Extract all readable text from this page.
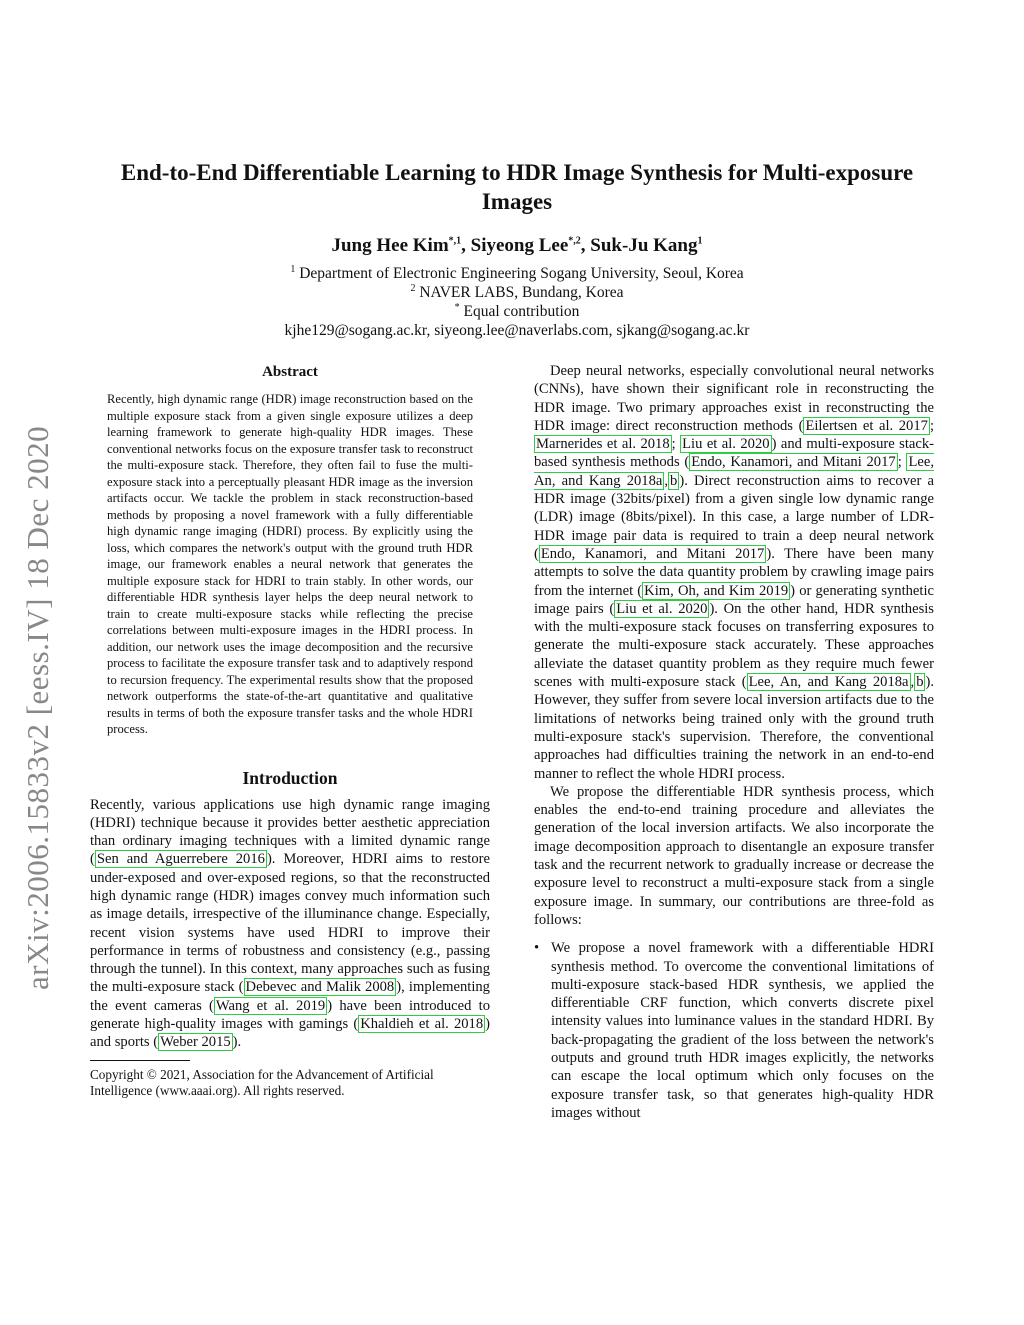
arXiv:2006.15833v2 [eess.IV] 18 Dec 2020
End-to-End Differentiable Learning to HDR Image Synthesis for Multi-exposure Images
Jung Hee Kim$^{*,1}$, Siyeong Lee$^{*,2}$, Suk-Ju Kang$^1$
$^1$ Department of Electronic Engineering Sogang University, Seoul, Korea
$^2$ NAVER LABS, Bundang, Korea
* Equal contribution
kjhe129@sogang.ac.kr, siyeong.lee@naverlabs.com, sjkang@sogang.ac.kr
Abstract

Recently, high dynamic range (HDR) image reconstruction based on the multiple exposure stack from a given single exposure utilizes a deep learning framework to generate high-quality HDR images. These conventional networks focus on the exposure transfer task to reconstruct the multi-exposure stack. Therefore, they often fail to fuse the multi-exposure stack into a perceptually pleasant HDR image as the inversion artifacts occur. We tackle the problem in stack reconstruction-based methods by proposing a novel framework with a fully differentiable high dynamic range imaging (HDRI) process. By explicitly using the loss, which compares the network's output with the ground truth HDR image, our framework enables a neural network that generates the multiple exposure stack for HDRI to train stably. In other words, our differentiable HDR synthesis layer helps the deep neural network to train to create multi-exposure stacks while reflecting the precise correlations between multi-exposure images in the HDRI process. In addition, our network uses the image decomposition and the recursive process to facilitate the exposure transfer task and to adaptively respond to recursion frequency. The experimental results show that the proposed network outperforms the state-of-the-art quantitative and qualitative results in terms of both the exposure transfer tasks and the whole HDRI process.

Introduction

Recently, various applications use high dynamic range imaging (HDRI) technique because it provides better aesthetic appreciation than ordinary imaging techniques with a limited dynamic range ( Sen and Aguerrebere 2016 ). Moreover, HDRI aims to restore under-exposed and over-exposed regions, so that the reconstructed high dynamic range (HDR) images convey much information such as image details, irrespective of the illuminance change. Especially, recent vision systems have used HDRI to improve their performance in terms of robustness and consistency (e.g., passing through the tunnel). In this context, many approaches such as fusing the multi-exposure stack ( Debevec and Malik 2008 ), implementing the event cameras ( Wang et al. 2019 ) have been introduced to generate high-quality images with gamings ( Khaldieh et al. 2018 ) and sports ( Weber 2015 ).

Copyright © 2021, Association for the Advancement of Artificial Intelligence (www.aaai.org). All rights reserved.

Deep neural networks, especially convolutional neural networks (CNNs), have shown their significant role in reconstructing the HDR image. Two primary approaches exist in reconstructing the HDR image: direct reconstruction methods ( Eilertsen et al. 2017 ; Marnerides et al. 2018 ; Liu et al. 2020 ) and multi-exposure stack-based synthesis methods ( Endo, Kanamori, and Mitani 2017 ; Lee, An, and Kang 2018a , b ). Direct reconstruction aims to recover a HDR image (32bits/pixel) from a given single low dynamic range (LDR) image (8bits/pixel). In this case, a large number of LDR-HDR image pair data is required to train a deep neural network ( Endo, Kanamori, and Mitani 2017 ). There have been many attempts to solve the data quantity problem by crawling image pairs from the internet ( Kim, Oh, and Kim 2019 ) or generating synthetic image pairs ( Liu et al. 2020 ). On the other hand, HDR synthesis with the multi-exposure stack focuses on transferring exposures to generate the multi-exposure stack accurately. These approaches alleviate the dataset quantity problem as they require much fewer scenes with multi-exposure stack ( Lee, An, and Kang 2018a , b ). However, they suffer from severe local inversion artifacts due to the limitations of networks being trained only with the ground truth multi-exposure stack's supervision. Therefore, the conventional approaches had difficulties training the network in an end-to-end manner to reflect the whole HDRI process.

We propose the differentiable HDR synthesis process, which enables the end-to-end training procedure and alleviates the generation of the local inversion artifacts. We also incorporate the image decomposition approach to disentangle an exposure transfer task and the recurrent network to gradually increase or decrease the exposure level to reconstruct a multi-exposure stack from a single exposure image. In summary, our contributions are three-fold as follows:

• We propose a novel framework with a differentiable HDRI synthesis method. To overcome the conventional limitations of multi-exposure stack-based HDR synthesis, we applied the differentiable CRF function, which converts discrete pixel intensity values into luminance values in the standard HDRI. By back-propagating the gradient of the loss between the network's outputs and ground truth HDR images explicitly, the networks can escape the local optimum which only focuses on the exposure transfer task, so that generates high-quality HDR images without
